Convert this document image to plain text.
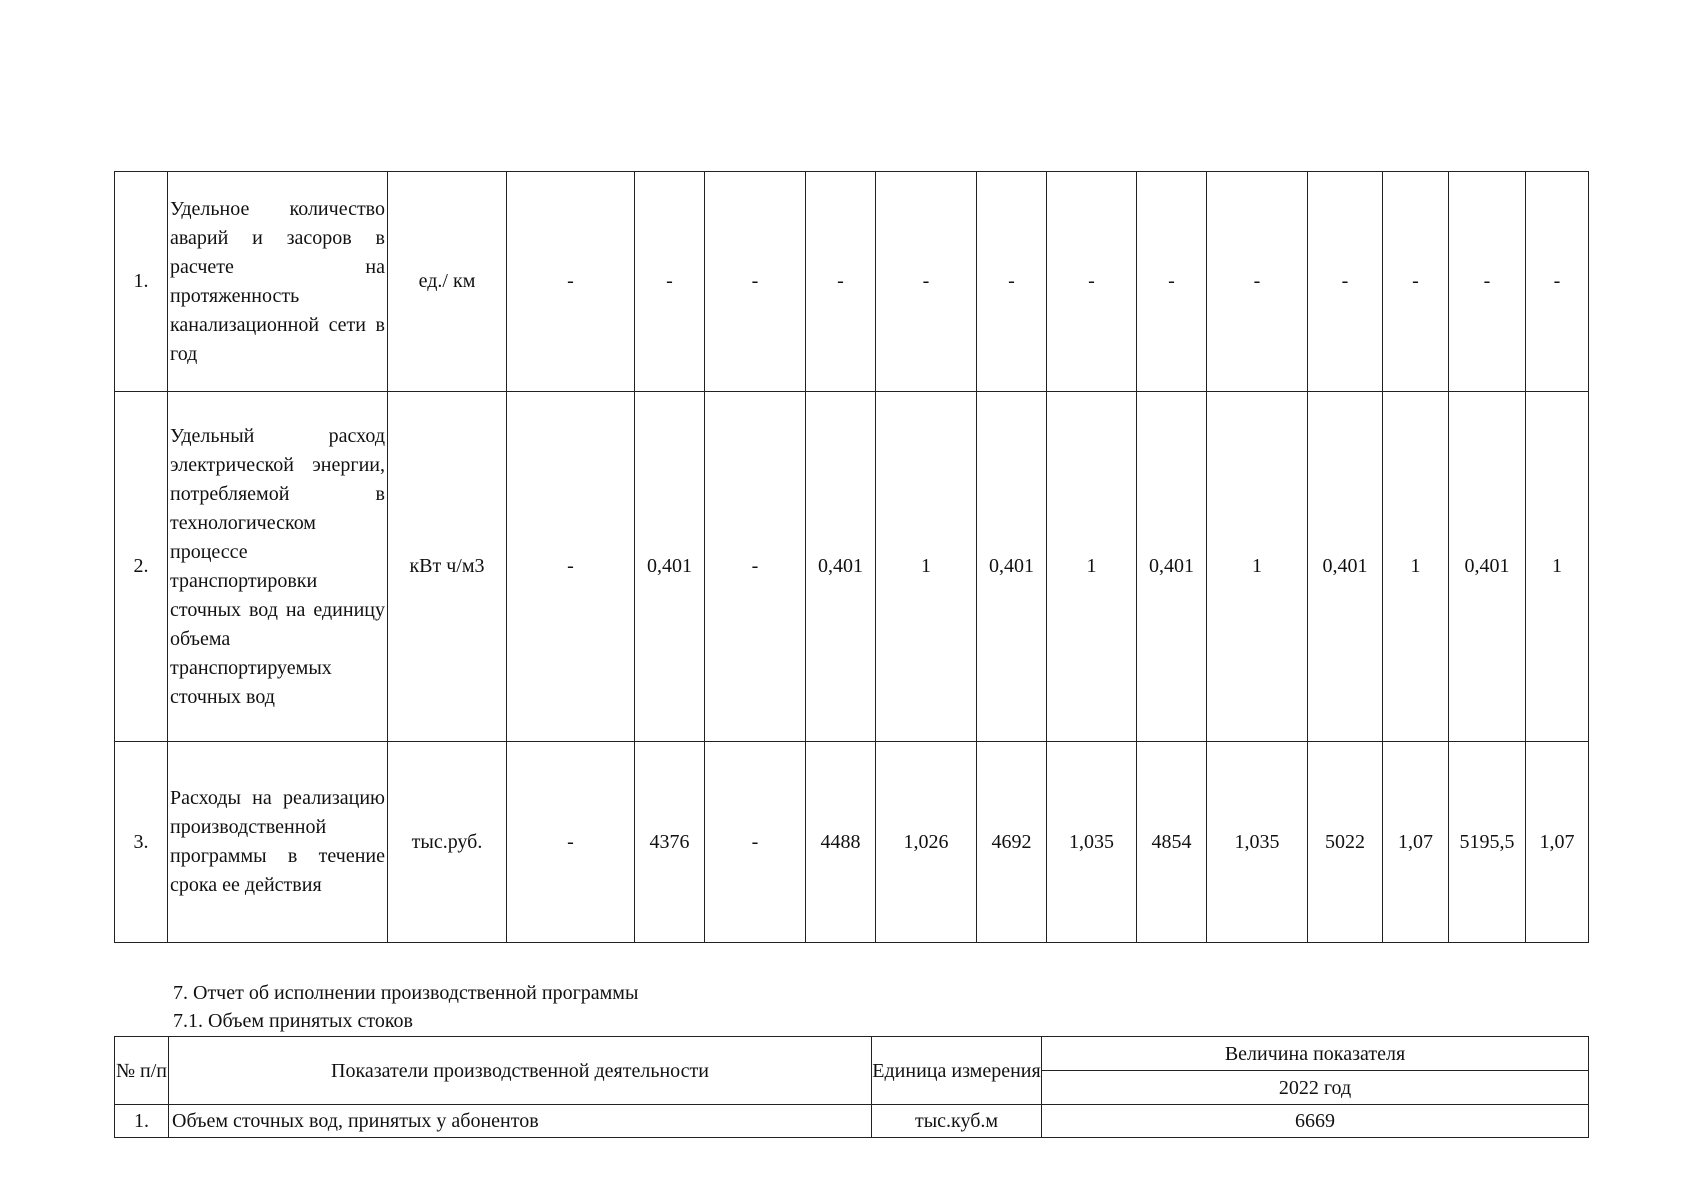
1.	Удельное количество аварий и засоров в расчете на протяженность канализационной сети в год	ед./ км	-	-	-	-	-	-	-	-	-	-	-	-	-
2.	Удельный расход электрической энергии, потребляемой в технологическом процессе транспортировки сточных вод на единицу объема транспортируемых сточных вод	кВт ч/м3	-	0,401	-	0,401	1	0,401	1	0,401	1	0,401	1	0,401	1
3.	Расходы на реализацию производственной программы в течение срока ее действия	тыс.руб.	-	4376	-	4488	1,026	4692	1,035	4854	1,035	5022	1,07	5195,5	1,07
7. Отчет об исполнении производственной программы
7.1. Объем принятых стоков
№ п/п	Показатели производственной деятельности	Единица измерения	Величина показателя
			2022 год
1.	Объем сточных вод, принятых у абонентов	тыс.куб.м	6669
